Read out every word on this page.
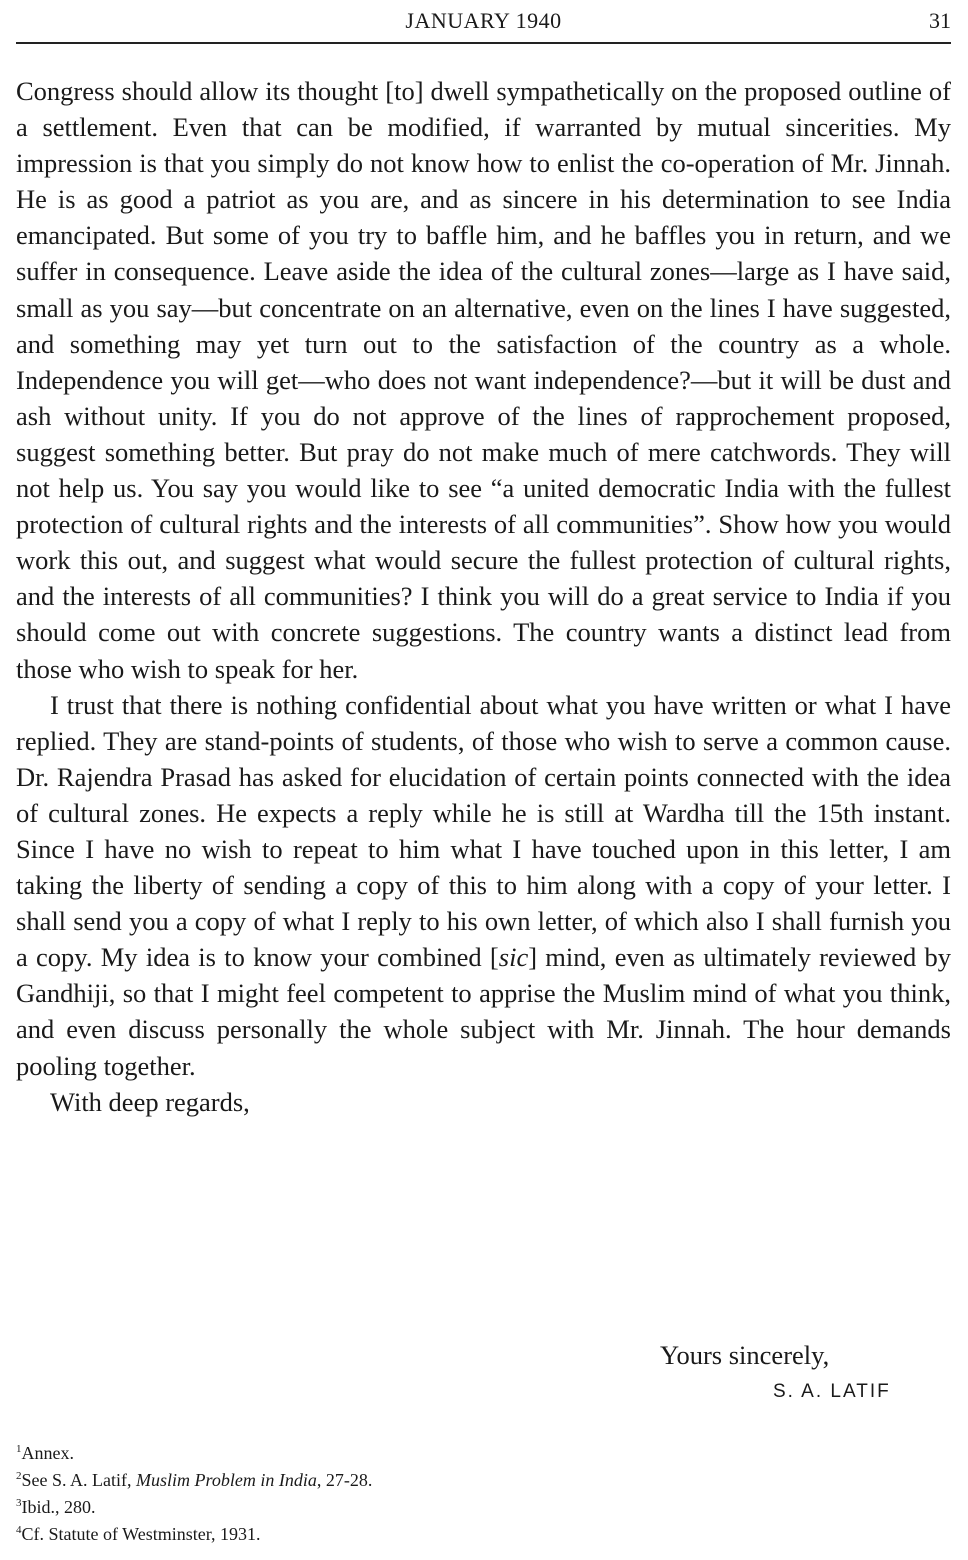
JANUARY 1940	31

Congress should allow its thought [to] dwell sympathetically on the proposed outline of a settlement. Even that can be modified, if warranted by mutual sincerities. My impression is that you simply do not know how to enlist the co-operation of Mr. Jinnah. He is as good a patriot as you are, and as sincere in his determination to see India emancipated. But some of you try to baffle him, and he baffles you in return, and we suffer in consequence. Leave aside the idea of the cultural zones—large as I have said, small as you say—but concentrate on an alternative, even on the lines I have suggested, and something may yet turn out to the satisfaction of the country as a whole. Independence you will get—who does not want independence?—but it will be dust and ash without unity. If you do not approve of the lines of rapprochement proposed, suggest something better. But pray do not make much of mere catchwords. They will not help us. You say you would like to see “a united democratic India with the fullest protection of cultural rights and the interests of all communities”. Show how you would work this out, and suggest what would secure the fullest protection of cultural rights, and the interests of all communities? I think you will do a great service to India if you should come out with concrete suggestions. The country wants a distinct lead from those who wish to speak for her.

I trust that there is nothing confidential about what you have written or what I have replied. They are stand-points of students, of those who wish to serve a common cause. Dr. Rajendra Prasad has asked for elucidation of certain points connected with the idea of cultural zones. He expects a reply while he is still at Wardha till the 15th instant. Since I have no wish to repeat to him what I have touched upon in this letter, I am taking the liberty of sending a copy of this to him along with a copy of your letter. I shall send you a copy of what I reply to his own letter, of which also I shall furnish you a copy. My idea is to know your combined [sic] mind, even as ultimately reviewed by Gandhiji, so that I might feel competent to apprise the Muslim mind of what you think, and even discuss personally the whole subject with Mr. Jinnah. The hour demands pooling together.

With deep regards,

Yours sincerely,
S. A. LATIF

$^1$Annex.

$^2$See S. A. Latif, Muslim Problem in India, 27-28.

$^3$Ibid., 280.

$^4$Cf. Statute of Westminster, 1931.
